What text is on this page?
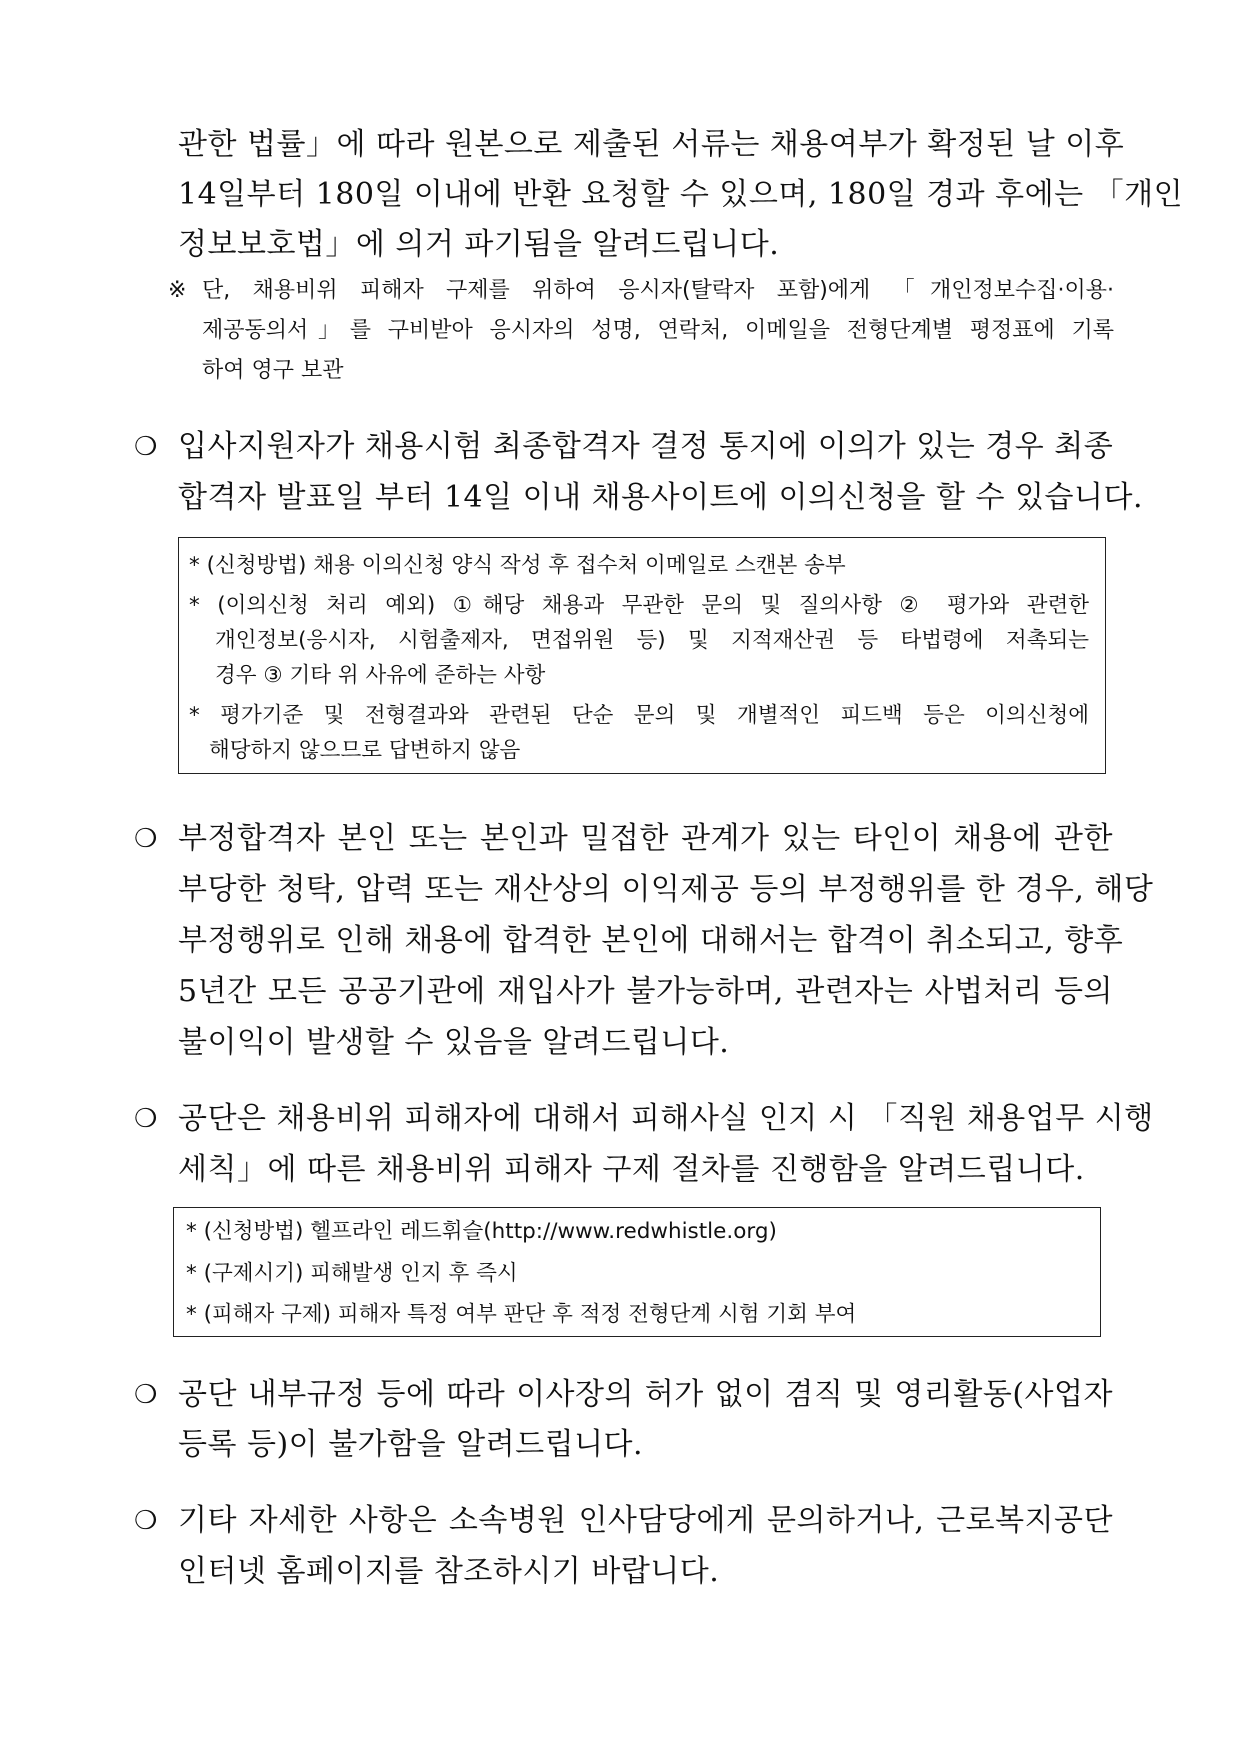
관한 법률」에 따라 원본으로 제출된 서류는 채용여부가 확정된 날 이후
14일부터 180일 이내에 반환 요청할 수 있으며, 180일 경과 후에는 「개인
정보보호법」에 의거 파기됨을 알려드립니다.
※ 단, 채용비위 피해자 구제를 위하여 응시자(탈락자 포함)에게 「개인정보수집·이용·
제공동의서」를 구비받아 응시자의 성명, 연락처, 이메일을 전형단계별 평정표에 기록
하여 영구 보관
❍ 입사지원자가 채용시험 최종합격자 결정 통지에 이의가 있는 경우 최종
합격자 발표일 부터 14일 이내 채용사이트에 이의신청을 할 수 있습니다.
* (신청방법) 채용 이의신청 양식 작성 후 접수처 이메일로 스캔본 송부
* (이의신청 처리 예외) ①해당 채용과 무관한 문의 및 질의사항 ② 평가와 관련한
개인정보(응시자, 시험출제자, 면접위원 등) 및 지적재산권 등 타법령에 저촉되는
경우 ③ 기타 위 사유에 준하는 사항
* 평가기준 및 전형결과와 관련된 단순 문의 및 개별적인 피드백 등은 이의신청에
해당하지 않으므로 답변하지 않음
❍ 부정합격자 본인 또는 본인과 밀접한 관계가 있는 타인이 채용에 관한
부당한 청탁, 압력 또는 재산상의 이익제공 등의 부정행위를 한 경우, 해당
부정행위로 인해 채용에 합격한 본인에 대해서는 합격이 취소되고, 향후
5년간 모든 공공기관에 재입사가 불가능하며, 관련자는 사법처리 등의
불이익이 발생할 수 있음을 알려드립니다.
❍ 공단은 채용비위 피해자에 대해서 피해사실 인지 시 「직원 채용업무 시행
세칙」에 따른 채용비위 피해자 구제 절차를 진행함을 알려드립니다.
* (신청방법) 헬프라인 레드휘슬(http://www.redwhistle.org)
* (구제시기) 피해발생 인지 후 즉시
* (피해자 구제) 피해자 특정 여부 판단 후 적정 전형단계 시험 기회 부여
❍ 공단 내부규정 등에 따라 이사장의 허가 없이 겸직 및 영리활동(사업자
등록 등)이 불가함을 알려드립니다.
❍ 기타 자세한 사항은 소속병원 인사담당에게 문의하거나, 근로복지공단
인터넷 홈페이지를 참조하시기 바랍니다.
